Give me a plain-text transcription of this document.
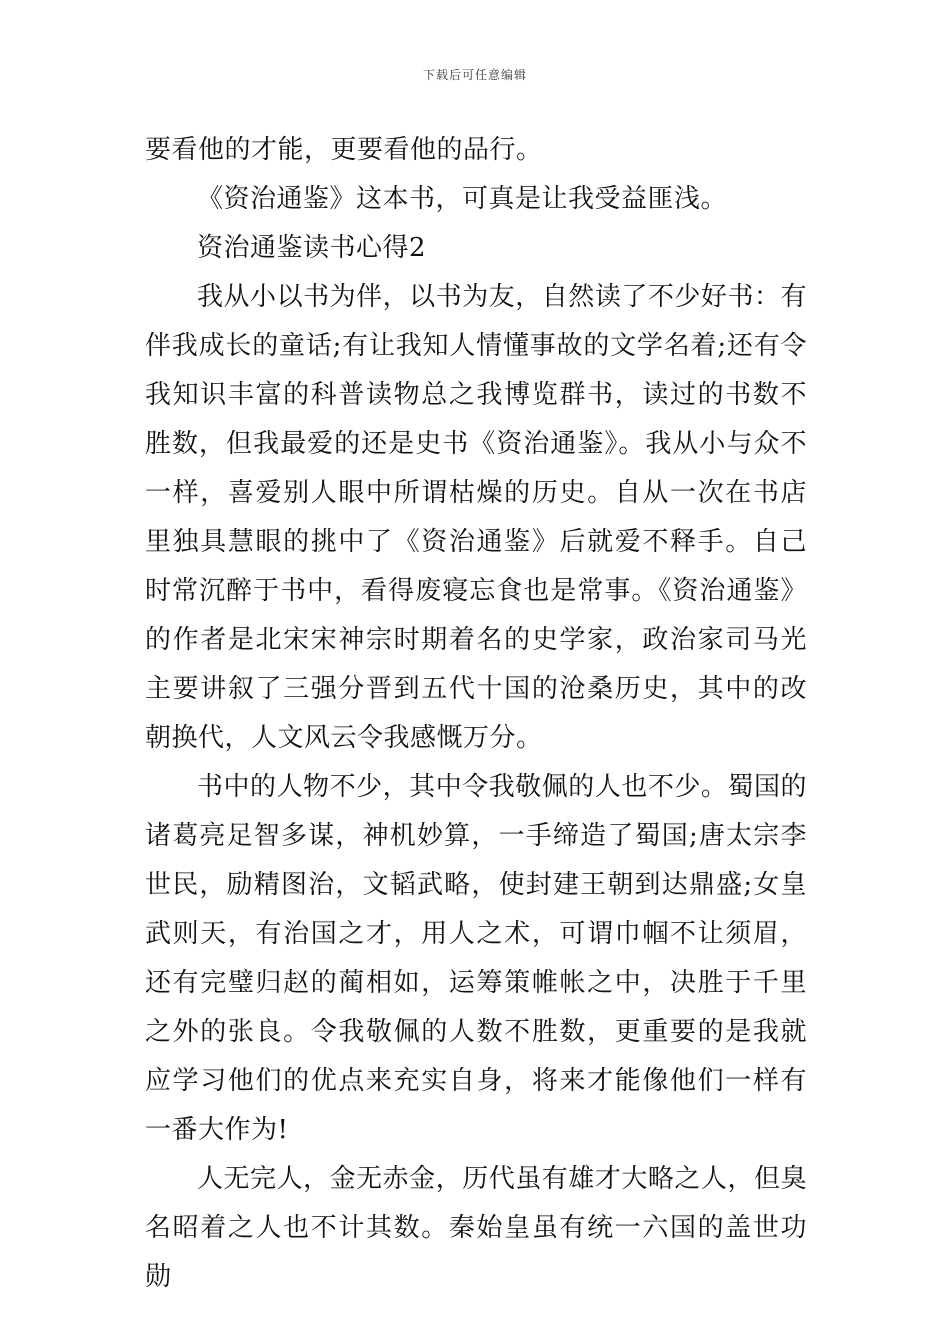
下载后可任意编辑

要看他的才能，更要看他的品行。

《资治通鉴》这本书，可真是让我受益匪浅。

资治通鉴读书心得2

我从小以书为伴，以书为友，自然读了不少好书：有伴我成长的童话;有让我知人情懂事故的文学名着;还有令我知识丰富的科普读物总之我博览群书，读过的书数不胜数，但我最爱的还是史书《资治通鉴》。我从小与众不一样，喜爱别人眼中所谓枯燥的历史。自从一次在书店里独具慧眼的挑中了《资治通鉴》后就爱不释手。自己时常沉醉于书中，看得废寝忘食也是常事。《资治通鉴》的作者是北宋宋神宗时期着名的史学家，政治家司马光主要讲叙了三强分晋到五代十国的沧桑历史，其中的改朝换代，人文风云令我感慨万分。

书中的人物不少，其中令我敬佩的人也不少。蜀国的诸葛亮足智多谋，神机妙算，一手缔造了蜀国;唐太宗李世民，励精图治，文韬武略，使封建王朝到达鼎盛;女皇武则天，有治国之才，用人之术，可谓巾帼不让须眉，还有完璧归赵的蔺相如，运筹策帷帐之中，决胜于千里之外的张良。令我敬佩的人数不胜数，更重要的是我就应学习他们的优点来充实自身，将来才能像他们一样有一番大作为!

人无完人，金无赤金，历代虽有雄才大略之人，但臭名昭着之人也不计其数。秦始皇虽有统一六国的盖世功勋
